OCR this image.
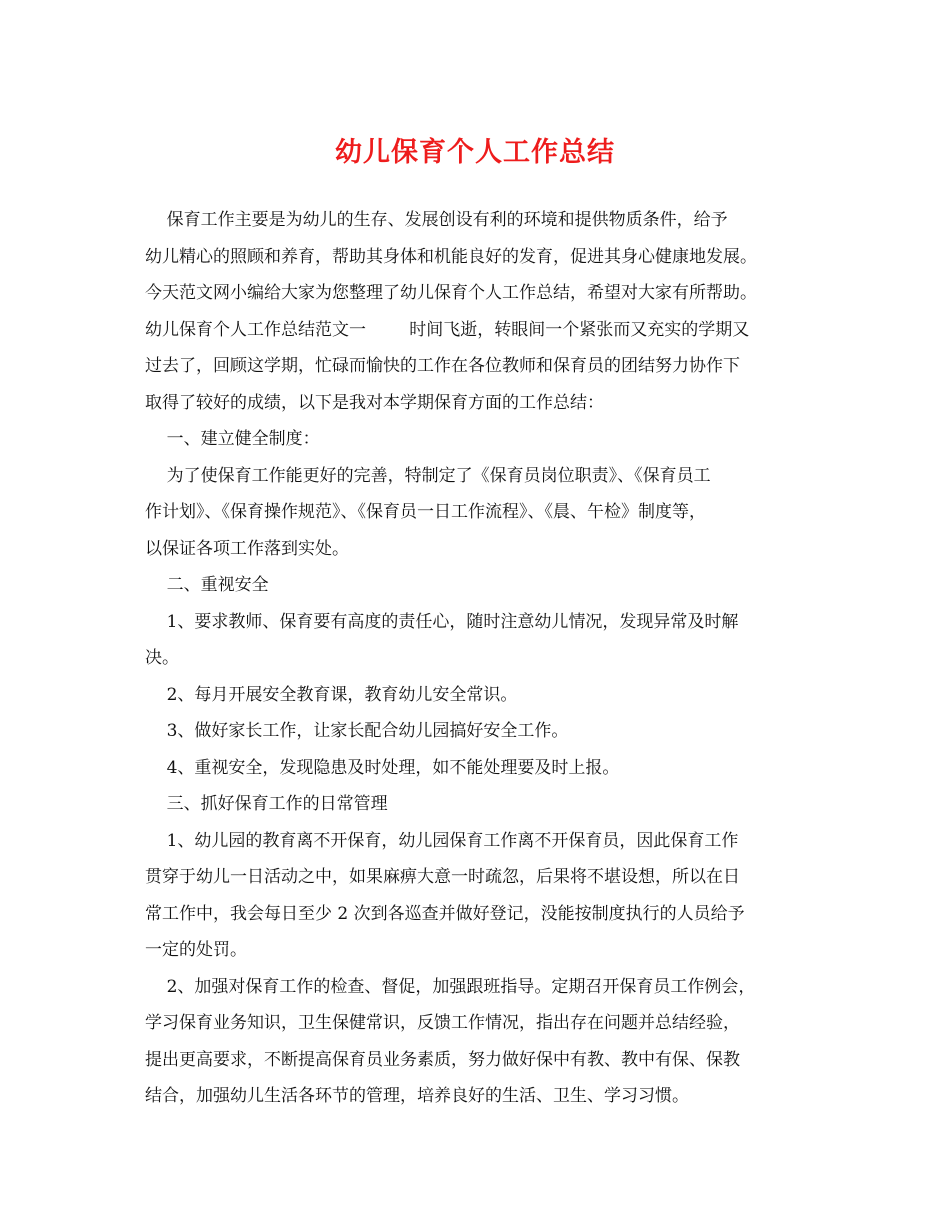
幼儿保育个人工作总结
保育工作主要是为幼儿的生存、发展创设有利的环境和提供物质条件，给予
幼儿精心的照顾和养育，帮助其身体和机能良好的发育，促进其身心健康地发展。
今天范文网小编给大家为您整理了幼儿保育个人工作总结，希望对大家有所帮助。
幼儿保育个人工作总结范文一        时间飞逝，转眼间一个紧张而又充实的学期又
过去了，回顾这学期，忙碌而愉快的工作在各位教师和保育员的团结努力协作下
取得了较好的成绩，以下是我对本学期保育方面的工作总结：
一、建立健全制度：
为了使保育工作能更好的完善，特制定了《保育员岗位职责》、《保育员工
作计划》、《保育操作规范》、《保育员一日工作流程》、《晨、午检》制度等，
以保证各项工作落到实处。
二、重视安全
1、要求教师、保育要有高度的责任心，随时注意幼儿情况，发现异常及时解
决。
2、每月开展安全教育课，教育幼儿安全常识。
3、做好家长工作，让家长配合幼儿园搞好安全工作。
4、重视安全，发现隐患及时处理，如不能处理要及时上报。
三、抓好保育工作的日常管理
1、幼儿园的教育离不开保育，幼儿园保育工作离不开保育员，因此保育工作
贯穿于幼儿一日活动之中，如果麻痹大意一时疏忽，后果将不堪设想，所以在日
常工作中，我会每日至少 2 次到各巡查并做好登记，没能按制度执行的人员给予
一定的处罚。
2、加强对保育工作的检查、督促，加强跟班指导。定期召开保育员工作例会，
学习保育业务知识，卫生保健常识，反馈工作情况，指出存在问题并总结经验，
提出更高要求，不断提高保育员业务素质，努力做好保中有教、教中有保、保教
结合，加强幼儿生活各环节的管理，培养良好的生活、卫生、学习习惯。
